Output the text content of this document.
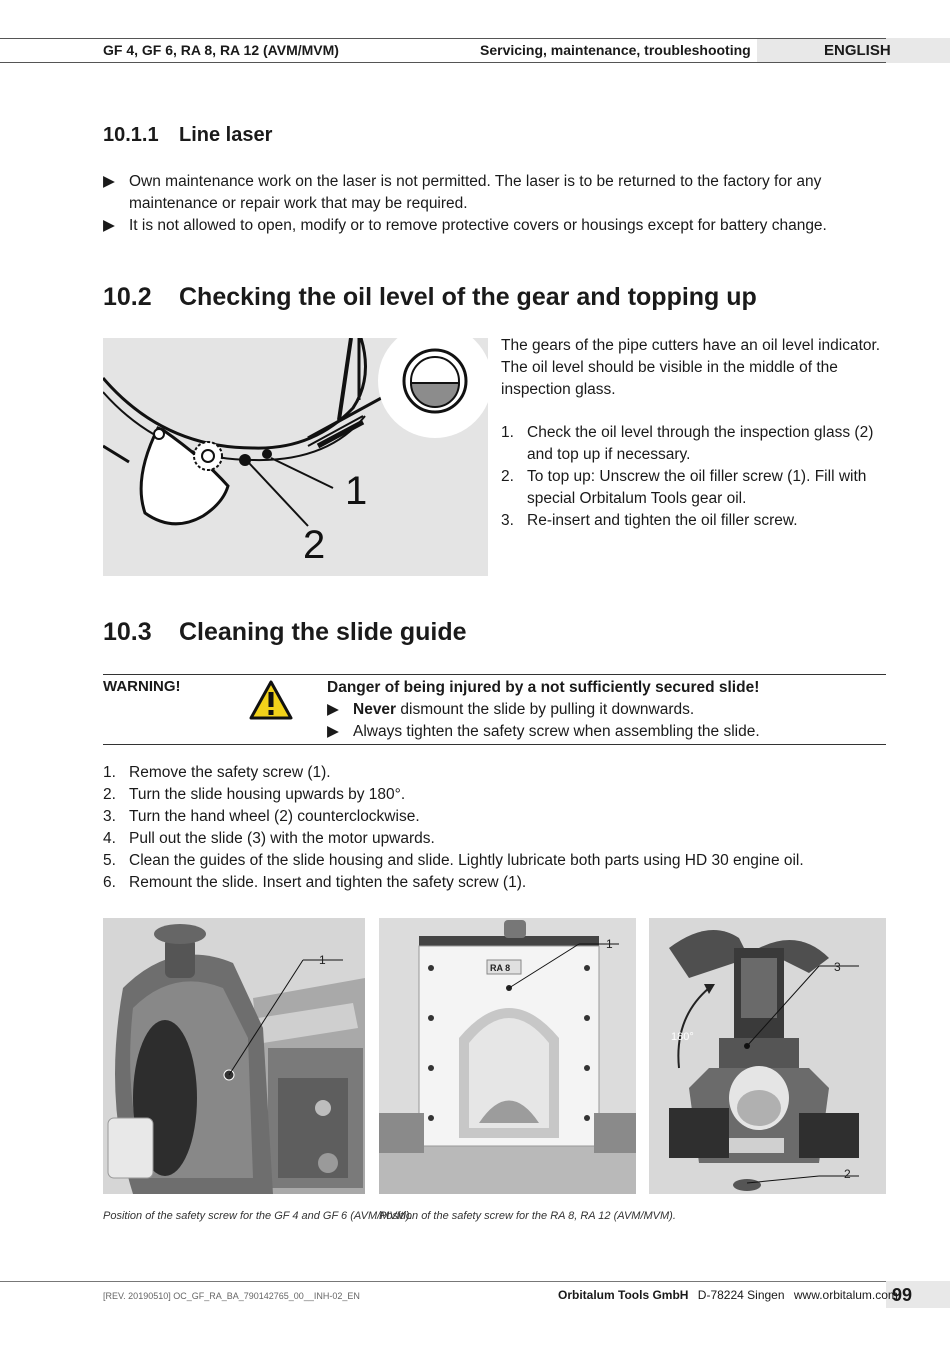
GF 4, GF 6, RA 8, RA 12 (AVM/MVM)	Servicing, maintenance, troubleshooting	ENGLISH
10.1.1 Line laser
▶ Own maintenance work on the laser is not permitted. The laser is to be returned to the factory for any maintenance or repair work that may be required.
▶ It is not allowed to open, modify or to remove protective covers or housings except for battery change.
10.2 Checking the oil level of the gear and topping up
1
2
The gears of the pipe cutters have an oil level indicator. The oil level should be visible in the middle of the inspection glass.
1. Check the oil level through the inspection glass (2) and top up if necessary.
2. To top up: Unscrew the oil filler screw (1). Fill with special Orbitalum Tools gear oil.
3. Re-insert and tighten the oil filler screw.
10.3 Cleaning the slide guide
WARNING!	Danger of being injured by a not sufficiently secured slide!
▶ Never dismount the slide by pulling it downwards.
▶ Always tighten the safety screw when assembling the slide.
1. Remove the safety screw (1).
2. Turn the slide housing upwards by 180°.
3. Turn the hand wheel (2) counterclockwise.
4. Pull out the slide (3) with the motor upwards.
5. Clean the guides of the slide housing and slide. Lightly lubricate both parts using HD 30 engine oil.
6. Remount the slide. Insert and tighten the safety screw (1).
1
RA 8
1
180°
3
2
Position of the safety screw for the GF 4 and GF 6 (AVM/MVM).
Position of the safety screw for the RA 8, RA 12 (AVM/MVM).
[REV. 20190510] OC_GF_RA_BA_790142765_00__INH-02_EN	Orbitalum Tools GmbH D-78224 Singen www.orbitalum.com
99
